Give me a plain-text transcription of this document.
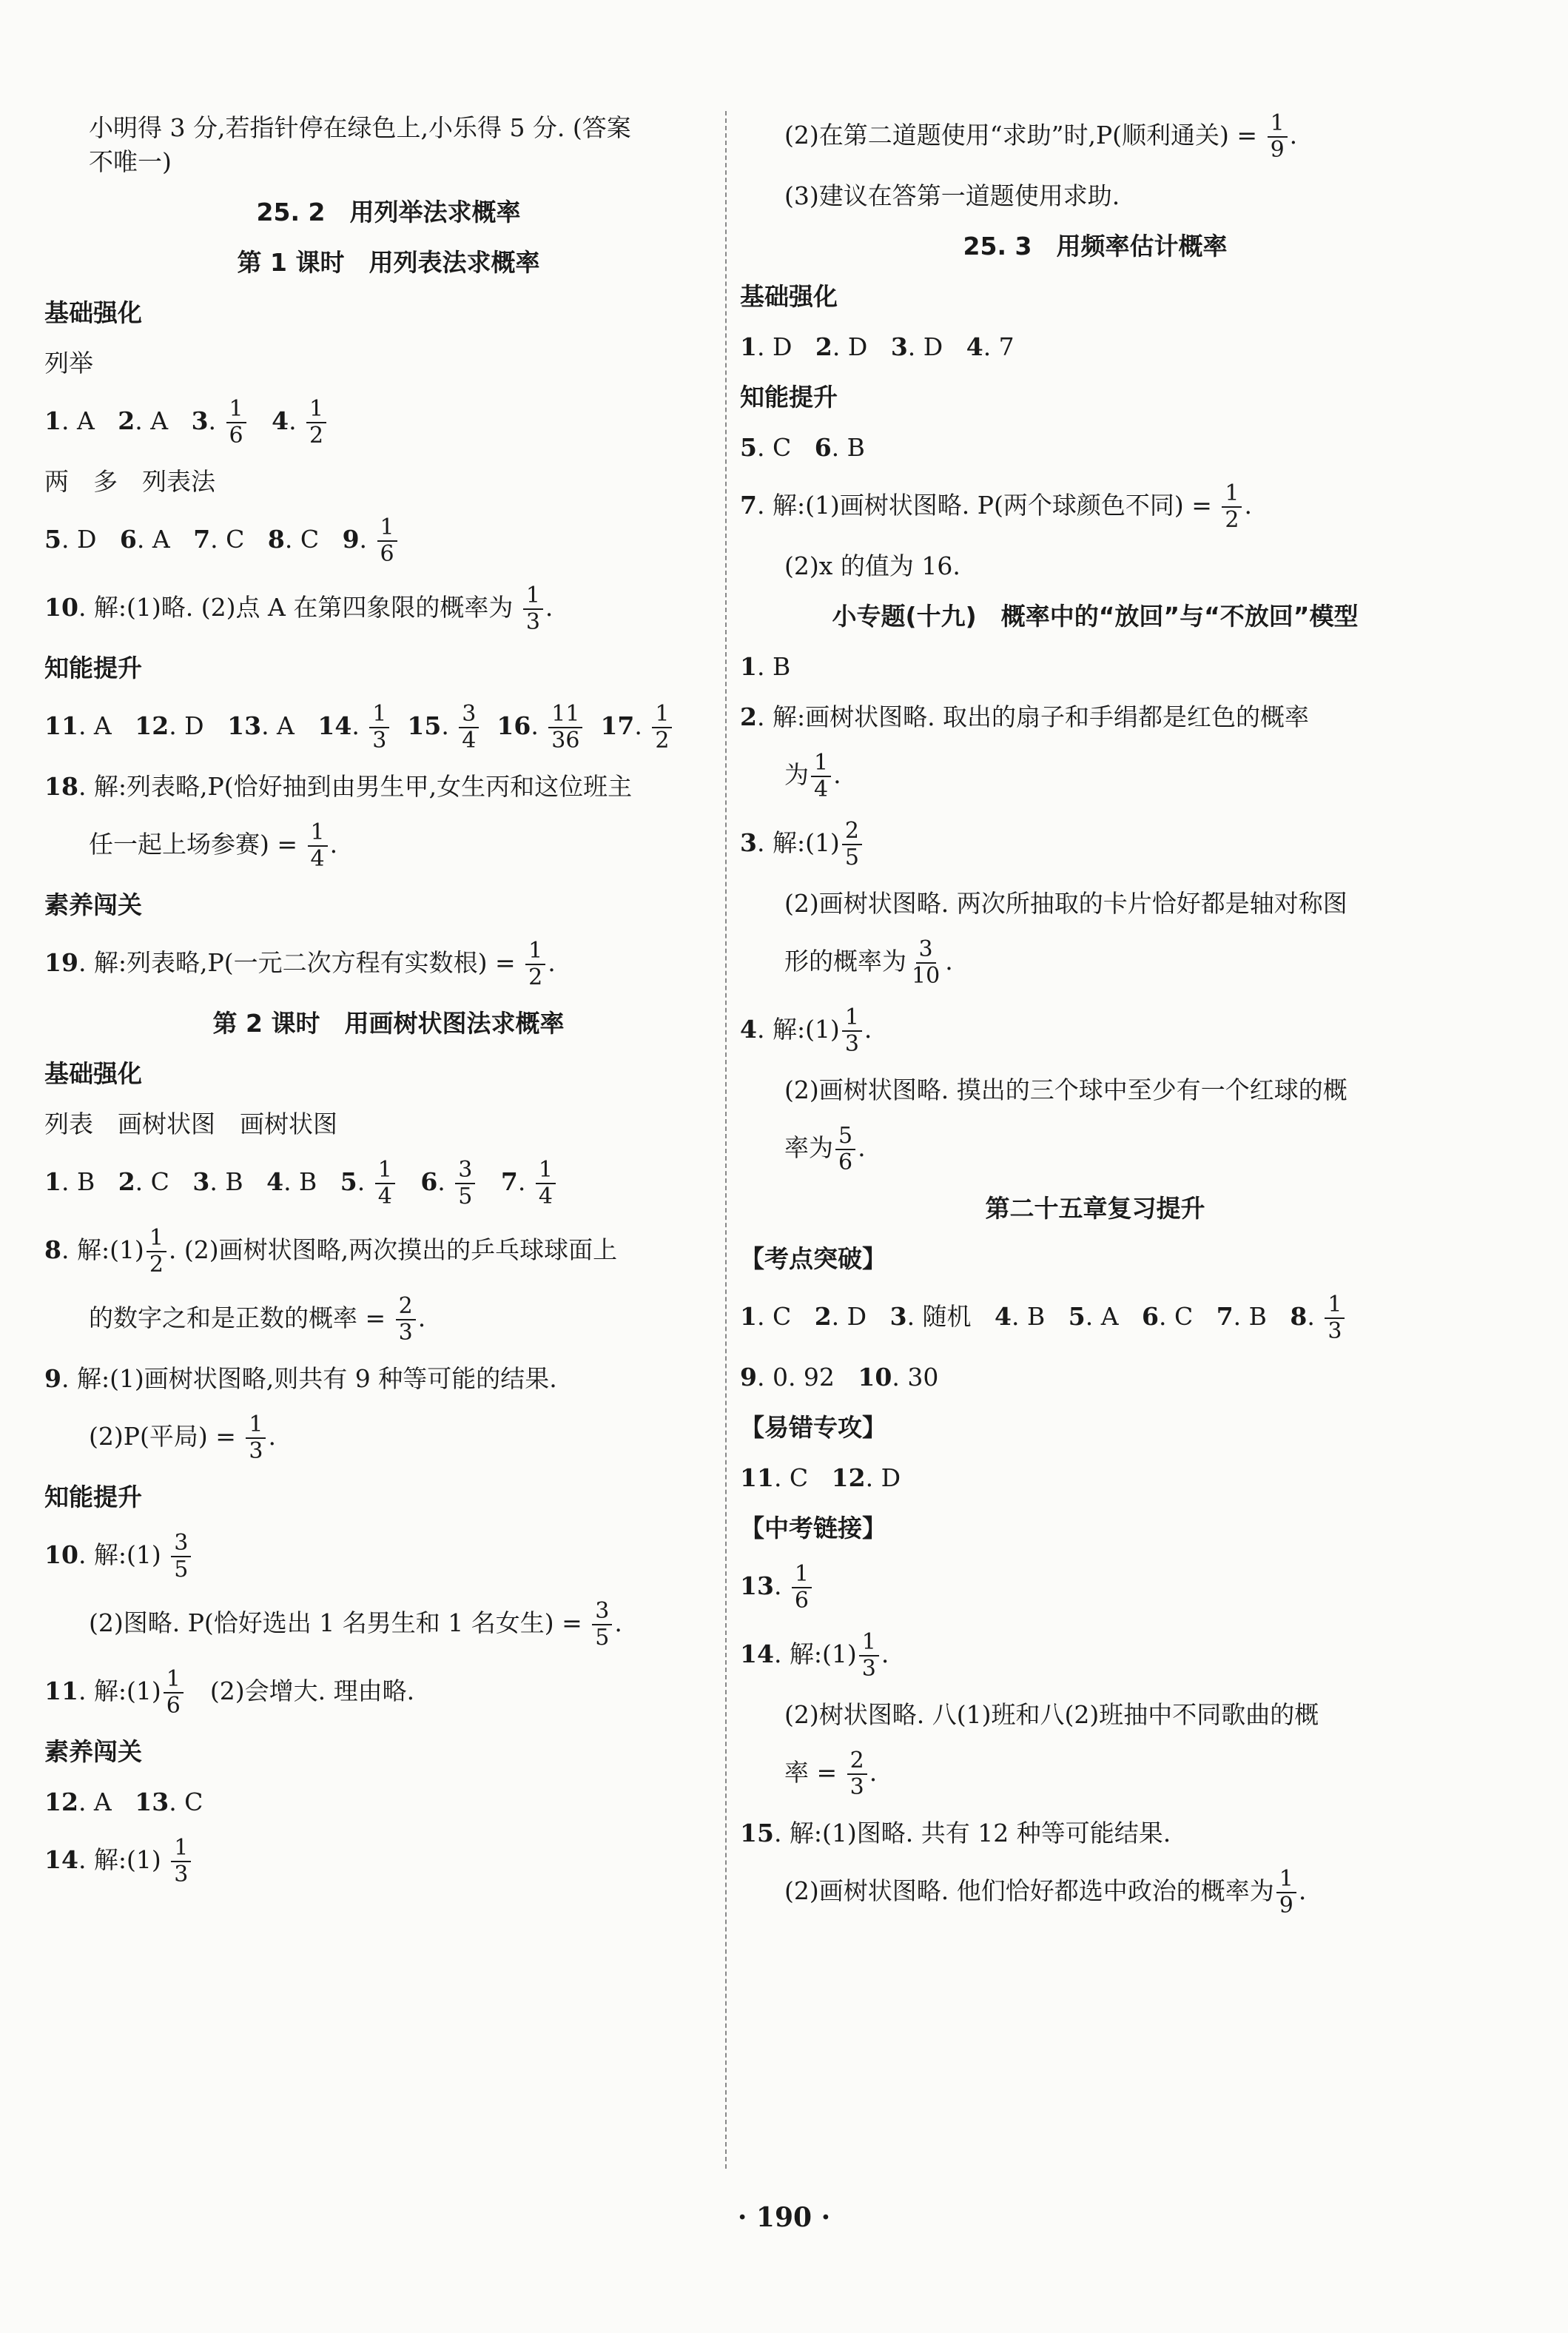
小明得 3 分,若指针停在绿色上,小乐得 5 分. (答案

不唯一)

25. 2　用列举法求概率

第 1 课时　用列表法求概率

基础强化

列举

1. A 2. A 3. $\frac{1}{6} 4$. $\frac{1}{2}$

两　多　列表法

5. D 6. A 7. C 8. C 9. $\frac{1}{6}$

10. 解:(1)略. (2)点 A 在第四象限的概率为 $\frac{1}{3}$ .

知能提升

11. A 12. D 13. A 14. $\frac{1}{3} 15$. $\frac{3}{4} 16$. $\frac{11}{36} 17$. $\frac{1}{2}$

18. 解:列表略,P(恰好抽到由男生甲,女生丙和这位班主

任一起上场参赛) = $\frac{1}{4}$ .

素养闯关

19. 解:列表略,P(一元二次方程有实数根) = $\frac{1}{2}$ .

第 2 课时　用画树状图法求概率

基础强化

列表　画树状图　画树状图

1. B 2. C 3. B 4. B 5. $\frac{1}{4} 6$. $\frac{3}{5} 7$. $\frac{1}{4}$

8. 解:(1) $\frac{1}{2}$ . (2)画树状图略,两次摸出的乒乓球球面上

的数字之和是正数的概率 = $\frac{2}{3}$ .

9. 解:(1)画树状图略,则共有 9 种等可能的结果.

(2)P(平局) = $\frac{1}{3}$ .

知能提升

10. 解:(1) $\frac{3}{5}$

(2)图略. P(恰好选出 1 名男生和 1 名女生) = $\frac{3}{5}$ .

11. 解:(1) $\frac{1}{6}$ 　(2)会增大. 理由略.

素养闯关

12. A 13. C

14. 解:(1) $\frac{1}{3}$

(2)在第二道题使用“求助”时,P(顺利通关) = $\frac{1}{9}$ .

(3)建议在答第一道题使用求助.

25. 3　用频率估计概率

基础强化

1. D 2. D 3. D 4. 7

知能提升

5. C 6. B

7. 解:(1)画树状图略. P(两个球颜色不同) = $\frac{1}{2}$ .

(2)x 的值为 16.

小专题(十九)　概率中的“放回”与“不放回”模型

1. B

2. 解:画树状图略. 取出的扇子和手绢都是红色的概率

为 $\frac{1}{4}$ .

3. 解:(1) $\frac{2}{5}$

(2)画树状图略. 两次所抽取的卡片恰好都是轴对称图

形的概率为 $\frac{3}{10}$ .

4. 解:(1) $\frac{1}{3}$ .

(2)画树状图略. 摸出的三个球中至少有一个红球的概

率为 $\frac{5}{6}$ .

第二十五章复习提升

【考点突破】

1. C 2. D 3. 随机 4. B 5. A 6. C 7. B 8. $\frac{1}{3}$

9. 0. 92 10. 30

【易错专攻】

11. C 12. D

【中考链接】

13. $\frac{1}{6}$

14. 解:(1) $\frac{1}{3}$ .

(2)树状图略. 八(1)班和八(2)班抽中不同歌曲的概

率 = $\frac{2}{3}$ .

15. 解:(1)图略. 共有 12 种等可能结果.

(2)画树状图略. 他们恰好都选中政治的概率为 $\frac{1}{9}$ .

· 190 ·
